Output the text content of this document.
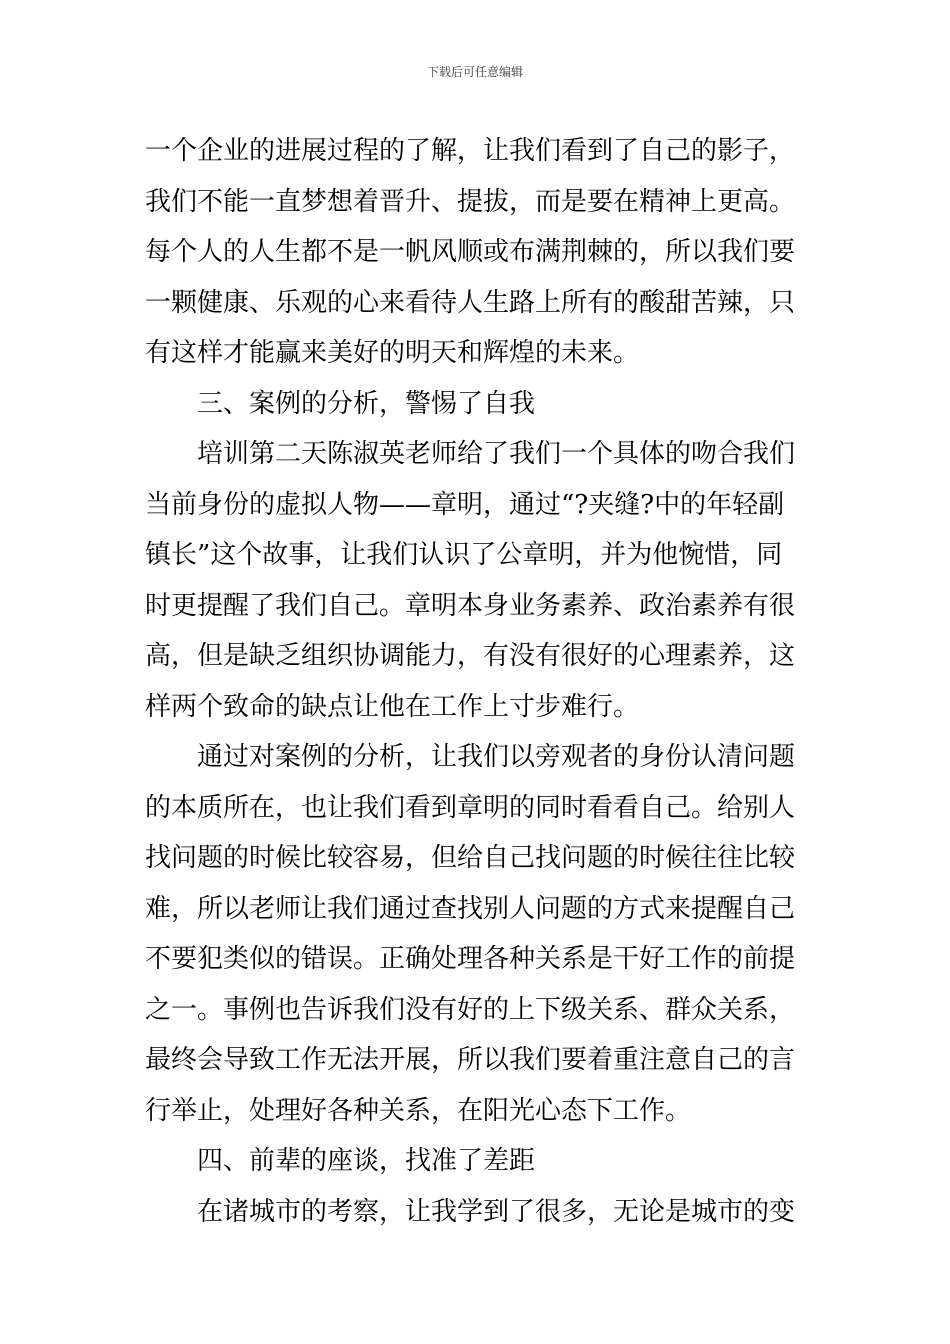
下载后可任意编辑
一个企业的进展过程的了解，让我们看到了自己的影子，
我们不能一直梦想着晋升、提拔，而是要在精神上更高。
每个人的人生都不是一帆风顺或布满荆棘的，所以我们要
一颗健康、乐观的心来看待人生路上所有的酸甜苦辣，只
有这样才能赢来美好的明天和辉煌的未来。
三、案例的分析，警惕了自我
培训第二天陈淑英老师给了我们一个具体的吻合我们
当前身份的虚拟人物——章明，通过“?夹缝?中的年轻副
镇长”这个故事，让我们认识了公章明，并为他惋惜，同
时更提醒了我们自己。章明本身业务素养、政治素养有很
高，但是缺乏组织协调能力，有没有很好的心理素养，这
样两个致命的缺点让他在工作上寸步难行。
通过对案例的分析，让我们以旁观者的身份认清问题
的本质所在，也让我们看到章明的同时看看自己。给别人
找问题的时候比较容易，但给自己找问题的时候往往比较
难，所以老师让我们通过查找别人问题的方式来提醒自己
不要犯类似的错误。正确处理各种关系是干好工作的前提
之一。事例也告诉我们没有好的上下级关系、群众关系，
最终会导致工作无法开展，所以我们要着重注意自己的言
行举止，处理好各种关系，在阳光心态下工作。
四、前辈的座谈，找准了差距
在诸城市的考察，让我学到了很多，无论是城市的变
